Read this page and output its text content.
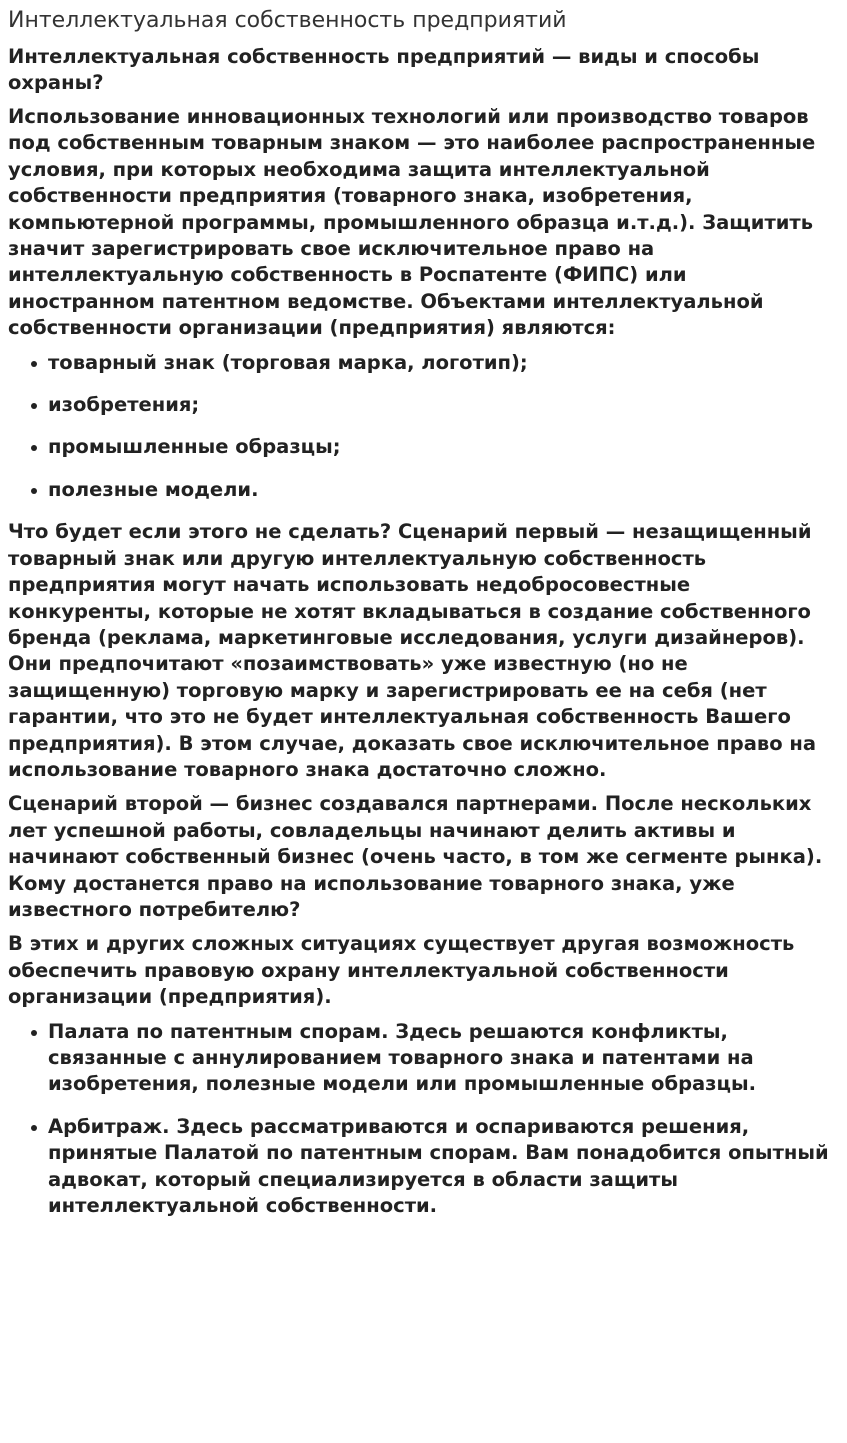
Интеллектуальная собственность предприятий
Интеллектуальная собственность предприятий — виды и способы охраны?

Использование инновационных технологий или производство товаров под собственным товарным знаком — это наиболее распространенные условия, при которых необходима защита интеллектуальной собственности предприятия (товарного знака, изобретения, компьютерной программы, промышленного образца и.т.д.). Защитить значит зарегистрировать свое исключительное право на интеллектуальную собственность в Роспатенте (ФИПС) или иностранном патентном ведомстве. Объектами интеллектуальной собственности организации (предприятия) являются:

товарный знак (торговая марка, логотип);
изобретения;
промышленные образцы;
полезные модели.

Что будет если этого не сделать? Сценарий первый — незащищенный товарный знак или другую интеллектуальную собственность предприятия могут начать использовать недобросовестные конкуренты, которые не хотят вкладываться в создание собственного бренда (реклама, маркетинговые исследования, услуги дизайнеров). Они предпочитают «позаимствовать» уже известную (но не защищенную) торговую марку и зарегистрировать ее на себя (нет гарантии, что это не будет интеллектуальная собственность Вашего предприятия). В этом случае, доказать свое исключительное право на использование товарного знака достаточно сложно.

Сценарий второй — бизнес создавался партнерами. После нескольких лет успешной работы, совладельцы начинают делить активы и начинают собственный бизнес (очень часто, в том же сегменте рынка). Кому достанется право на использование товарного знака, уже известного потребителю?

В этих и других сложных ситуациях существует другая возможность обеспечить правовую охрану интеллектуальной собственности организации (предприятия).

Палата по патентным спорам. Здесь решаются конфликты, связанные с аннулированием товарного знака и патентами на изобретения, полезные модели или промышленные образцы.
Арбитраж. Здесь рассматриваются и оспариваются решения, принятые Палатой по патентным спорам. Вам понадобится опытный адвокат, который специализируется в области защиты интеллектуальной собственности.
